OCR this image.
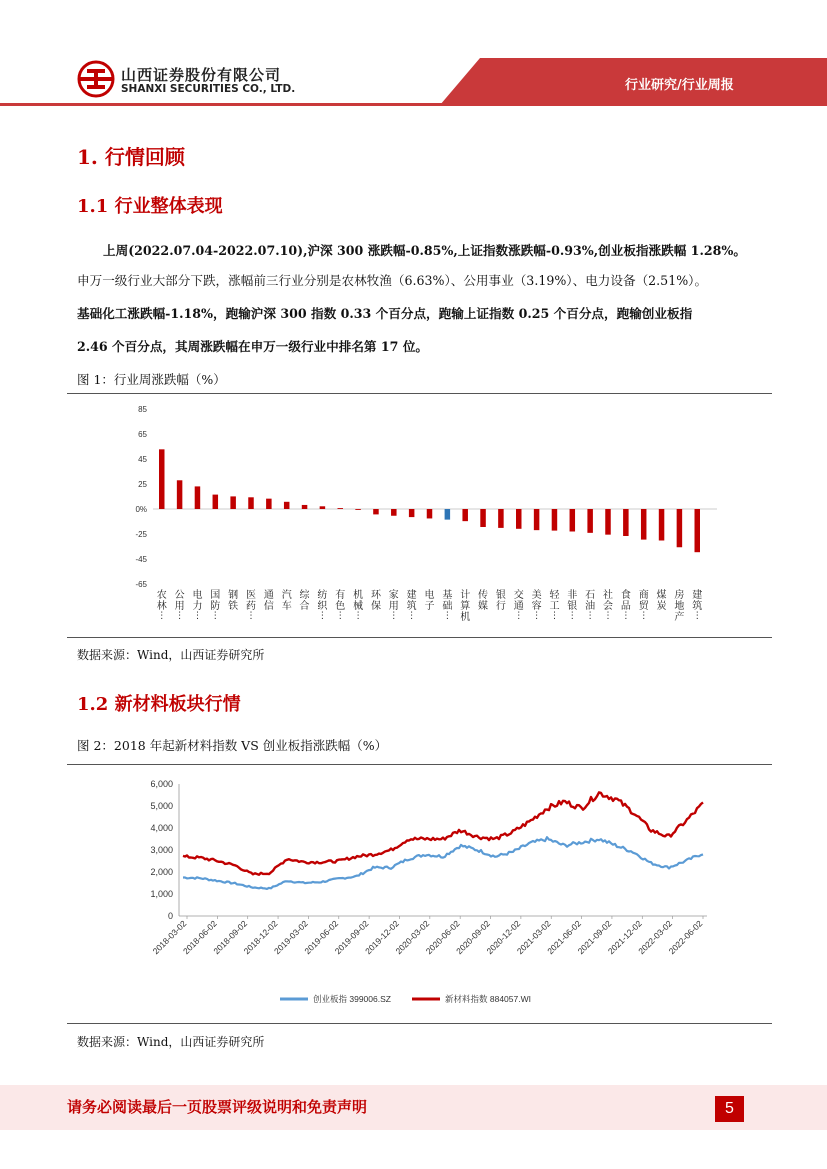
山西证券股份有限公司
SHANXI SECURITIES CO., LTD.	行业研究/行业周报
1. 行情回顾
1.1 行业整体表现
上周(2022.07.04-2022.07.10),沪深 300 涨跌幅-0.85%,上证指数涨跌幅-0.93%,创业板指涨跌幅 1.28%。
申万一级行业大部分下跌，涨幅前三行业分别是农林牧渔（6.63%）、公用事业（3.19%）、电力设备（2.51%）。
基础化工涨跌幅-1.18%，跑输沪深 300 指数 0.33 个百分点，跑输上证指数 0.25 个百分点，跑输创业板指
2.46 个百分点，其周涨跌幅在申万一级行业中排名第 17 位。
图 1：行业周涨跌幅（%）
85
65
45
25
0%
-25
-45
-65
农
林
⋮
公
用
⋮
电
力
⋮
国
防
⋮
钢
铁
医
药
⋮
通
信
汽
车
综
合
纺
织
⋮
有
色
⋮
机
械
⋮
环
保
家
用
⋮
建
筑
⋮
电
子
基
础
⋮
计
算
机
传
媒
银
行
交
通
⋮
美
容
⋮
轻
工
⋮
非
银
⋮
石
油
⋮
社
会
⋮
食
品
⋮
商
贸
⋮
煤
炭
房
地
产
建
筑
⋮
数据来源：Wind，山西证券研究所
1.2 新材料板块行情
图 2：2018 年起新材料指数 VS 创业板指涨跌幅（%）
6,000
5,000
4,000
3,000
2,000
1,000
0
2018-03-02
2018-06-02
2018-09-02
2018-12-02
2019-03-02
2019-06-02
2019-09-02
2019-12-02
2020-03-02
2020-06-02
2020-09-02
2020-12-02
2021-03-02
2021-06-02
2021-09-02
2021-12-02
2022-03-02
2022-06-02
创业板指 399006.SZ	新材料指数 884057.WI
数据来源：Wind，山西证券研究所
请务必阅读最后一页股票评级说明和免责声明	5
